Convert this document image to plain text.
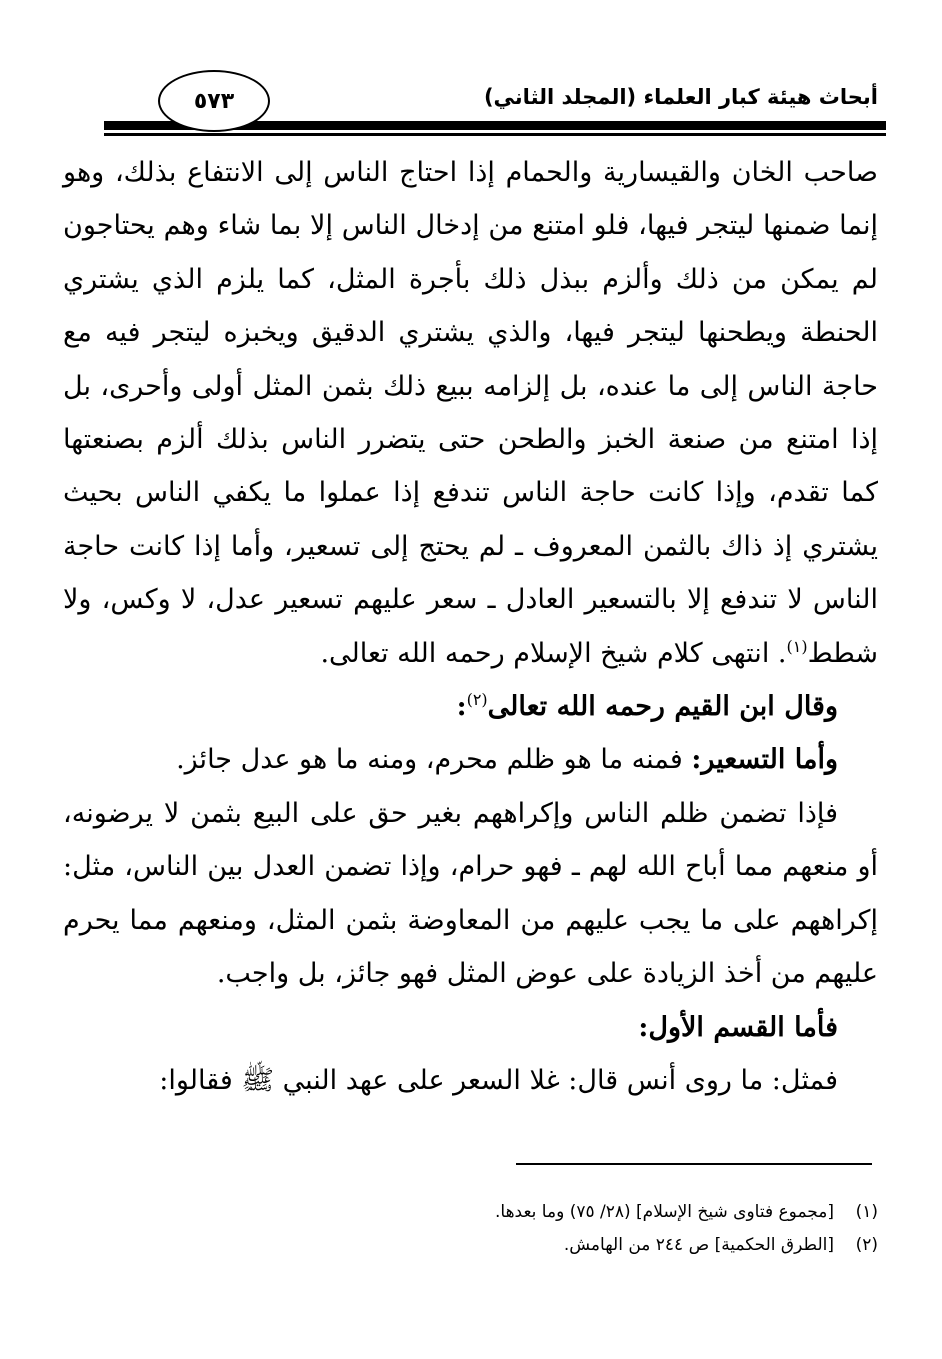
أبحاث هيئة كبار العلماء (المجلد الثاني)
٥٧٣

صاحب الخان والقيسارية والحمام إذا احتاج الناس إلى الانتفاع بذلك، وهو إنما ضمنها ليتجر فيها، فلو امتنع من إدخال الناس إلا بما شاء وهم يحتاجون لم يمكن من ذلك وألزم ببذل ذلك بأجرة المثل، كما يلزم الذي يشتري الحنطة ويطحنها ليتجر فيها، والذي يشتري الدقيق ويخبزه ليتجر فيه مع حاجة الناس إلى ما عنده، بل إلزامه ببيع ذلك بثمن المثل أولى وأحرى، بل إذا امتنع من صنعة الخبز والطحن حتى يتضرر الناس بذلك ألزم بصنعتها كما تقدم، وإذا كانت حاجة الناس تندفع إذا عملوا ما يكفي الناس بحيث يشتري إذ ذاك بالثمن المعروف ـ لم يحتج إلى تسعير، وأما إذا كانت حاجة الناس لا تندفع إلا بالتسعير العادل ـ سعر عليهم تسعير عدل، لا وكس، ولا شطط$^{(١)}$. انتهى كلام شيخ الإسلام رحمه الله تعالى.

وقال ابن القيم رحمه الله تعالى$^{(٢)}$:

وأما التسعير: فمنه ما هو ظلم محرم، ومنه ما هو عدل جائز.

فإذا تضمن ظلم الناس وإكراههم بغير حق على البيع بثمن لا يرضونه، أو منعهم مما أباح الله لهم ـ فهو حرام، وإذا تضمن العدل بين الناس، مثل: إكراههم على ما يجب عليهم من المعاوضة بثمن المثل، ومنعهم مما يحرم عليهم من أخذ الزيادة على عوض المثل فهو جائز، بل واجب.

فأما القسم الأول:

فمثل: ما روى أنس قال: غلا السعر على عهد النبي ﷺ فقالوا:

(١)[مجموع فتاوى شيخ الإسلام] (٢٨/ ٧٥) وما بعدها.
(٢)[الطرق الحكمية] ص ٢٤٤ من الهامش.
